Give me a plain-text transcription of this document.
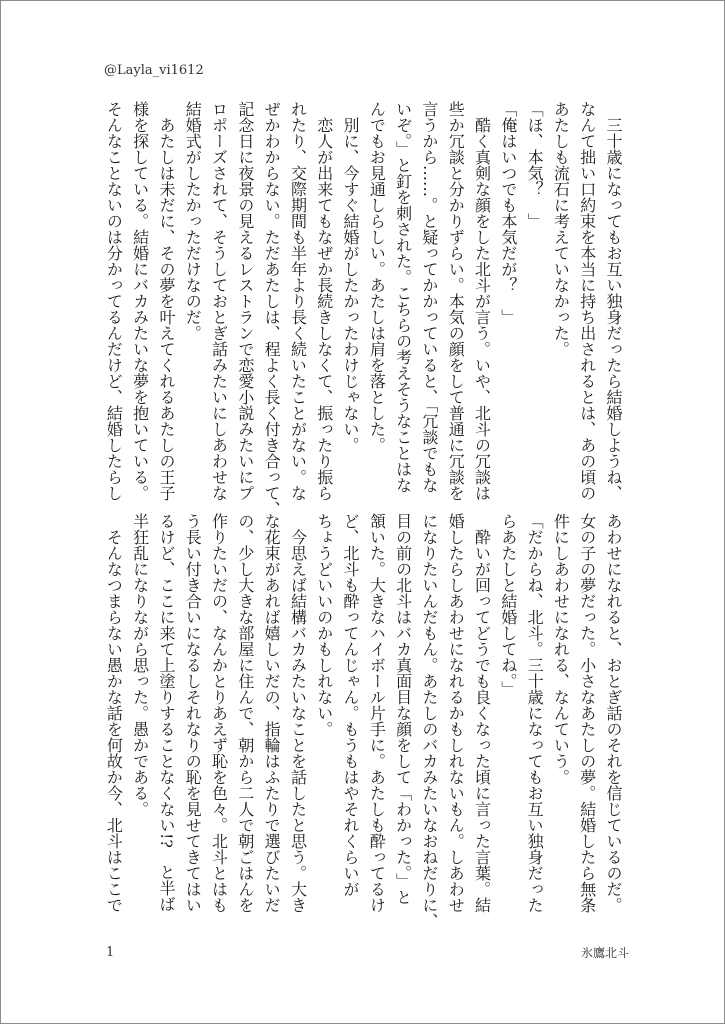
@Layla_vi1612
　三十歳になってもお互い独身だったら結婚しようね、
なんて拙い口約束を本当に持ち出されるとは、あの頃の
あたしも流石に考えていなかった。
「ほ、本気？　」
「俺はいつでも本気だが？　」
　酷く真剣な顔をした北斗が言う。いや、北斗の冗談は
些か冗談と分かりずらい。本気の顔をして普通に冗談を
言うから……。と疑ってかかっていると、「冗談でもな
いぞ。」と釘を刺された。こちらの考えそうなことはな
んでもお見通しらしい。あたしは肩を落とした。
　別に、今すぐ結婚がしたかったわけじゃない。
　恋人が出来てもなぜか長続きしなくて、振ったり振ら
れたり、交際期間も半年より長く続いたことがない。な
ぜかわからない。ただあたしは、程よく長く付き合って、
記念日に夜景の見えるレストランで恋愛小説みたいにプ
ロポーズされて、そうしておとぎ話みたいにしあわせな
結婚式がしたかっただけなのだ。
　あたしは未だに、その夢を叶えてくれるあたしの王子
様を探している。結婚にバカみたいな夢を抱いている。
そんなことないのは分かってるんだけど、結婚したらし
あわせになれると、おとぎ話のそれを信じているのだ。
女の子の夢だった。小さなあたしの夢。結婚したら無条
件にしあわせになれる、なんていう。
「だからね、北斗。三十歳になってもお互い独身だった
らあたしと結婚してね。」
　酔いが回ってどうでも良くなった頃に言った言葉。結
婚したらしあわせになれるかもしれないもん。しあわせ
になりたいんだもん。あたしのバカみたいなおねだりに、
目の前の北斗はバカ真面目な顔をして「わかった。」と
頷いた。大きなハイボール片手に。あたしも酔ってるけ
ど、北斗も酔ってんじゃん。もうもはやそれくらいが
ちょうどいいのかもしれない。
　今思えば結構バカみたいなことを話したと思う。大き
な花束があれば嬉しいだの、指輪はふたりで選びたいだ
の、少し大きな部屋に住んで、朝から二人で朝ごはんを
作りたいだの、なんかとりあえず恥を色々。北斗とはも
う長い付き合いになるしそれなりの恥を見せてきてはい
るけど、ここに来て上塗りすることなくない!?　と半ば
半狂乱になりながら思った。愚かである。
　そんなつまらない愚かな話を何故か今、北斗はここで
1	氷鷹北斗
